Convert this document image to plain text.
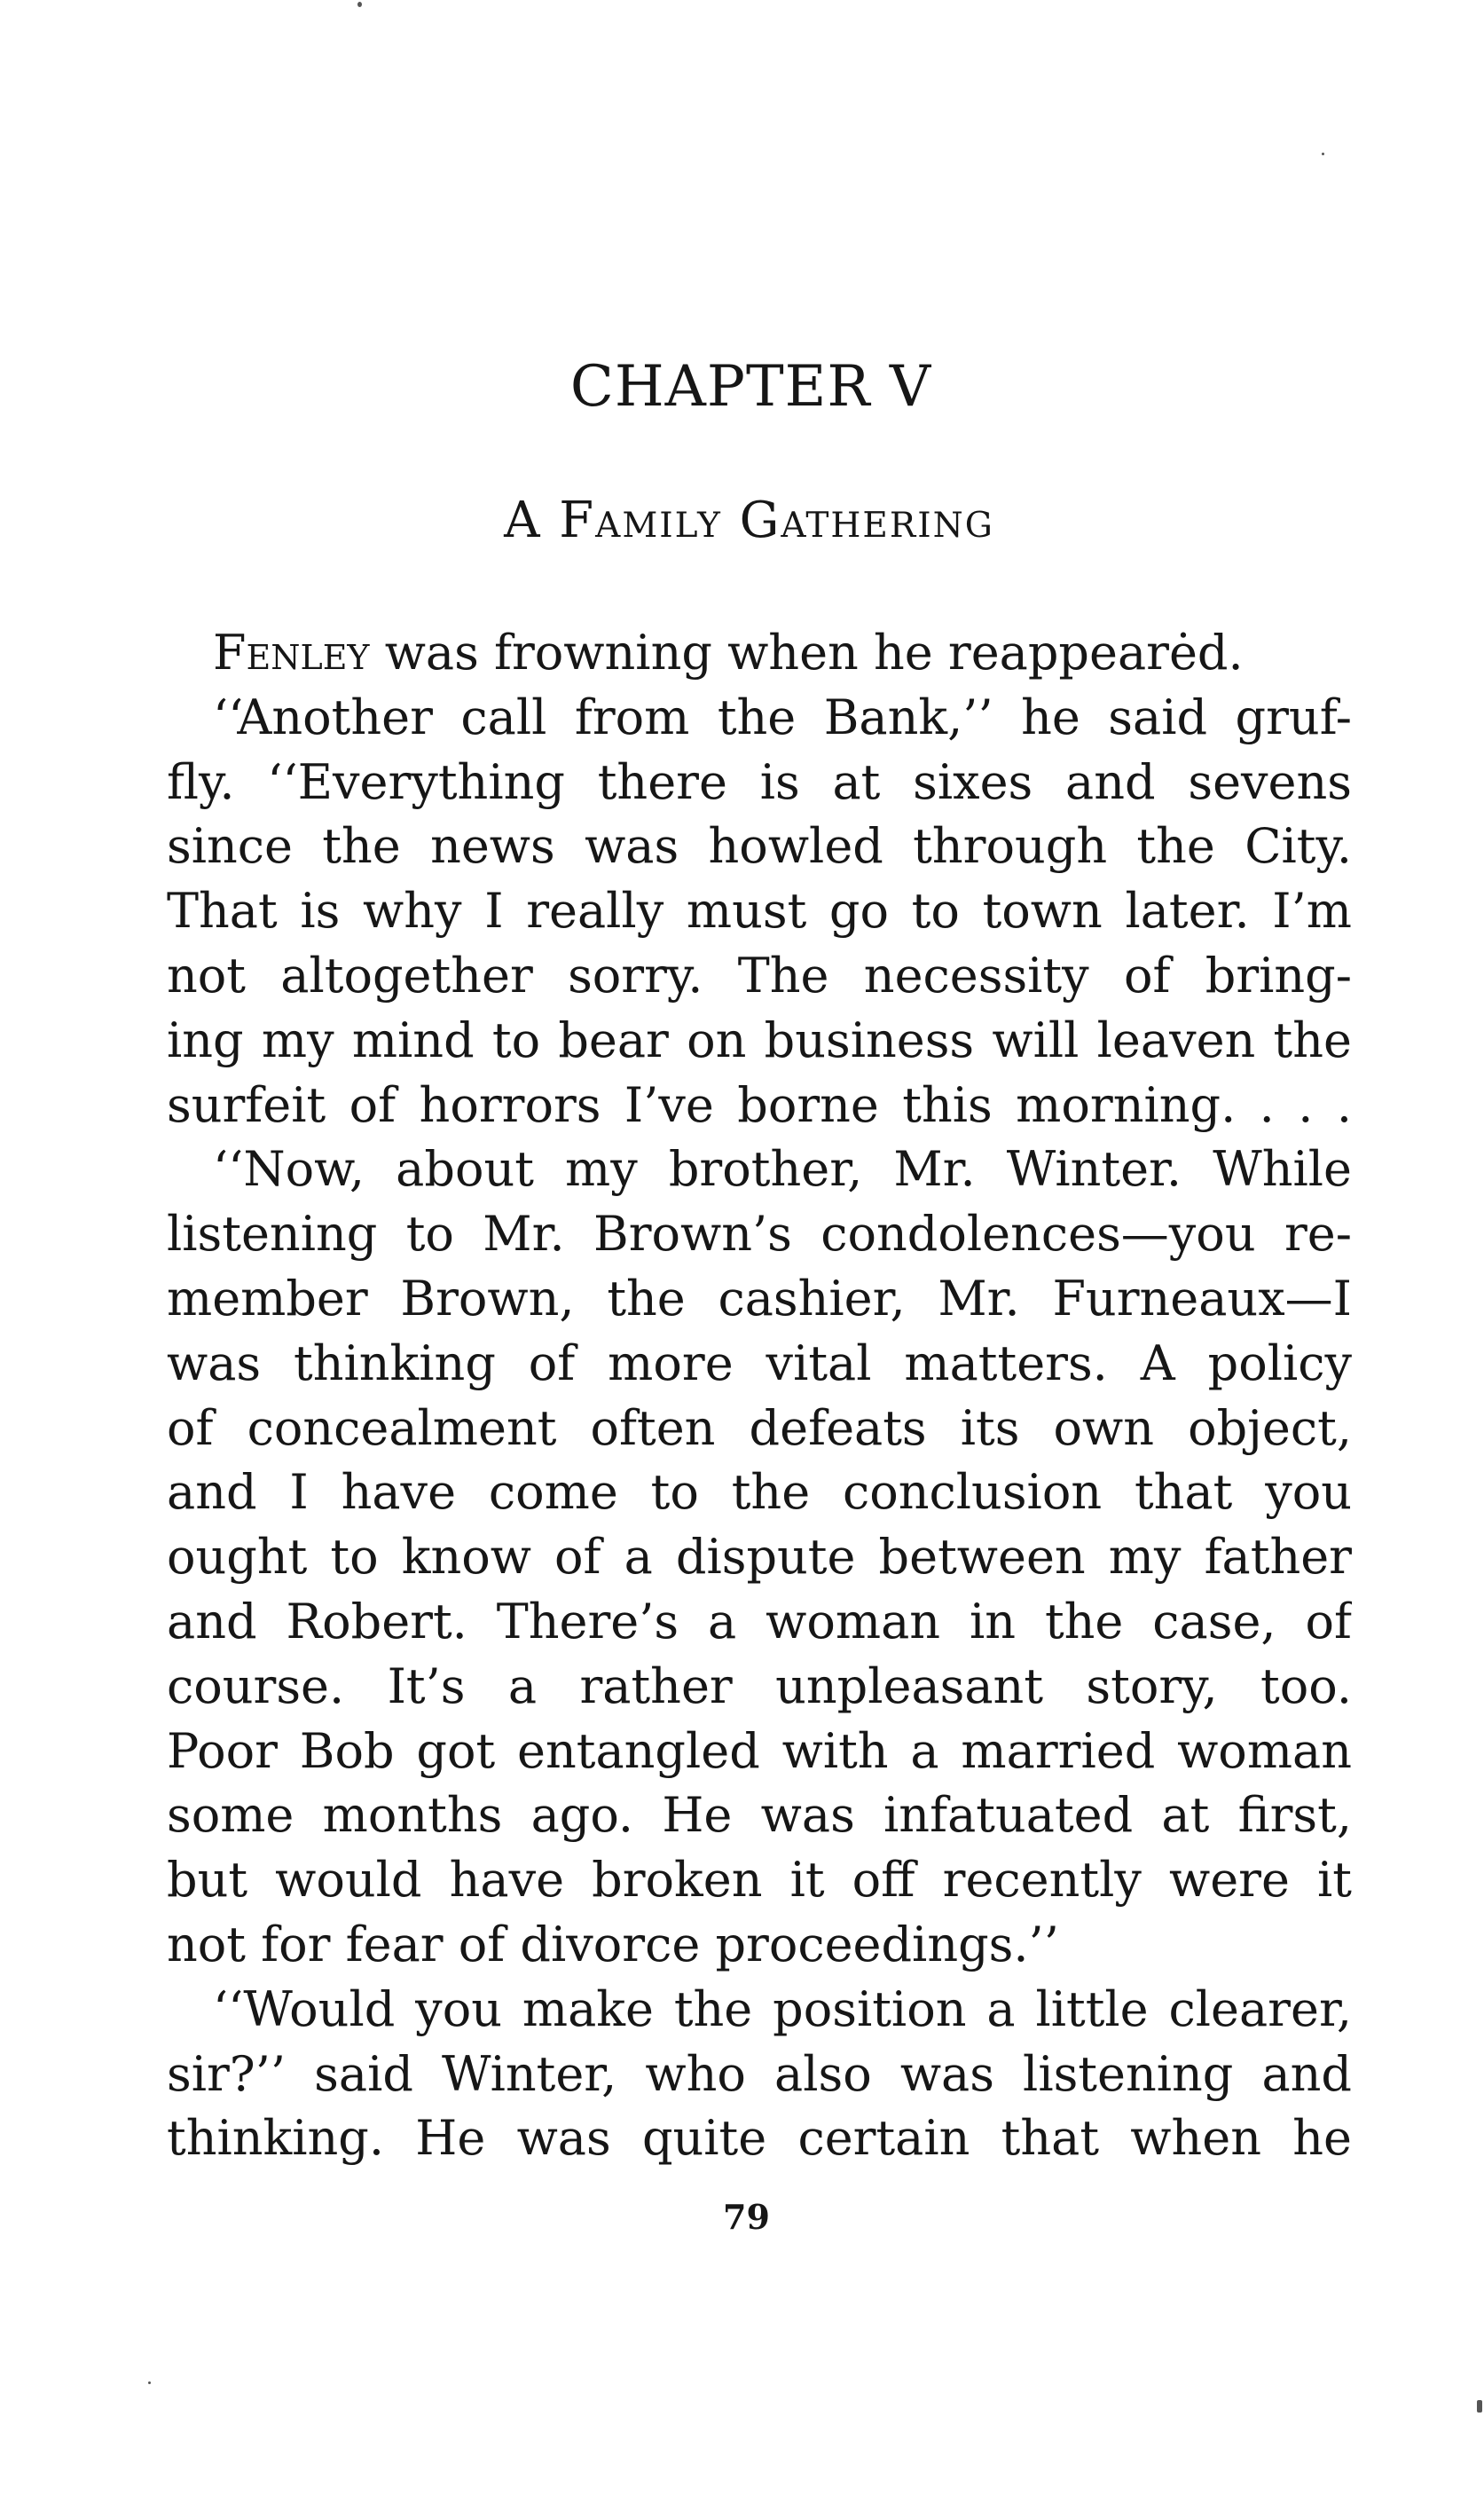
CHAPTER V
A Family Gathering
Fenley was frowning when he reappearėd.
‘‘Another call from the Bank,’’ he said gruf-
fly. ‘‘Everything there is at sixes and sevens
since the news was howled through the City.
That is why I really must go to town later. I’m
not altogether sorry. The necessity of bring-
ing my mind to bear on business will leaven the
surfeit of horrors I’ve borne this morning. . . .
‘‘Now, about my brother, Mr. Winter. While
listening to Mr. Brown’s condolences—you re-
member Brown, the cashier, Mr. Furneaux—I
was thinking of more vital matters. A policy
of concealment often defeats its own object,
and I have come to the conclusion that you
ought to know of a dispute between my father
and Robert. There’s a woman in the case, of
course. It’s a rather unpleasant story, too.
Poor Bob got entangled with a married woman
some months ago. He was infatuated at first,
but would have broken it off recently were it
not for fear of divorce proceedings.’’
‘‘Would you make the position a little clearer,
sir?’’ said Winter, who also was listening and
thinking. He was quite certain that when he
79
